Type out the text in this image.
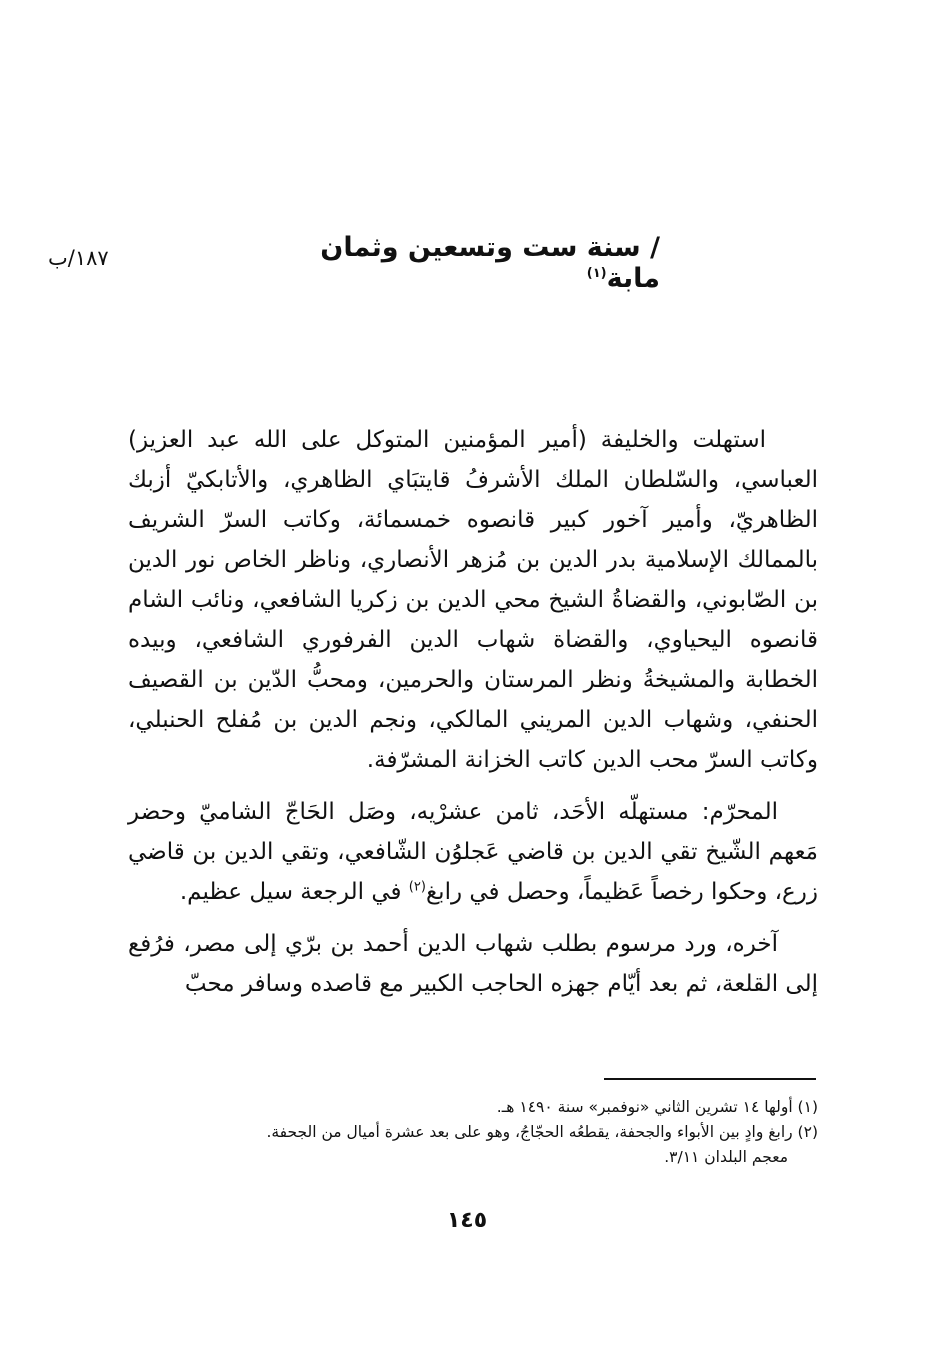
١٨٧/ب	/ سنة ست وتسعين وثمان مابة$^{(١)}$

استهلت والخليفة (أمير المؤمنين المتوكل على الله عبد العزيز) العباسي، والسّلطان الملك الأشرفُ قايتبَاي الظاهري، والأتابكيّ أزبك الظاهريّ، وأمير آخور كبير قانصوه خمسمائة، وكاتب السرّ الشريف بالممالك الإسلامية بدر الدين بن مُزهر الأنصاري، وناظر الخاص نور الدين بن الصّابوني، والقضاةُ الشيخ محي الدين بن زكريا الشافعي، ونائب الشام قانصوه اليحياوي، والقضاة شهاب الدين الفرفوري الشافعي، وبيده الخطابة والمشيخةُ ونظر المرستان والحرمين، ومحبُّ الدّين بن القصيف الحنفي، وشهاب الدين المريني المالكي، ونجم الدين بن مُفلح الحنبلي، وكاتب السرّ محب الدين كاتب الخزانة المشرّفة.

المحرّم: مستهلّه الأحَد، ثامن عشرْيه، وصَل الحَاجّ الشاميّ وحضر مَعهم الشّيخ تقي الدين بن قاضي عَجلوُن الشّافعي، وتقي الدين بن قاضي زرع، وحكوا رخصاً عَظيماً، وحصل في رابغ$^{(٢)}$ في الرجعة سيل عظيم.

آخره، ورد مرسوم بطلب شهاب الدين أحمد بن برّي إلى مصر، فرُفع إلى القلعة، ثم بعد أيّام جهزه الحاجب الكبير مع قاصده وسافر محبّ

(١) أولها ١٤ تشرين الثاني «نوفمبر» سنة ١٤٩٠ هـ.
(٢) رابغ وادٍ بين الأبواء والجحفة، يقطعُه الحجّاجُ، وهو على بعد عشرة أميال من الجحفة.
معجم البلدان ٣/١١.
١٤٥
